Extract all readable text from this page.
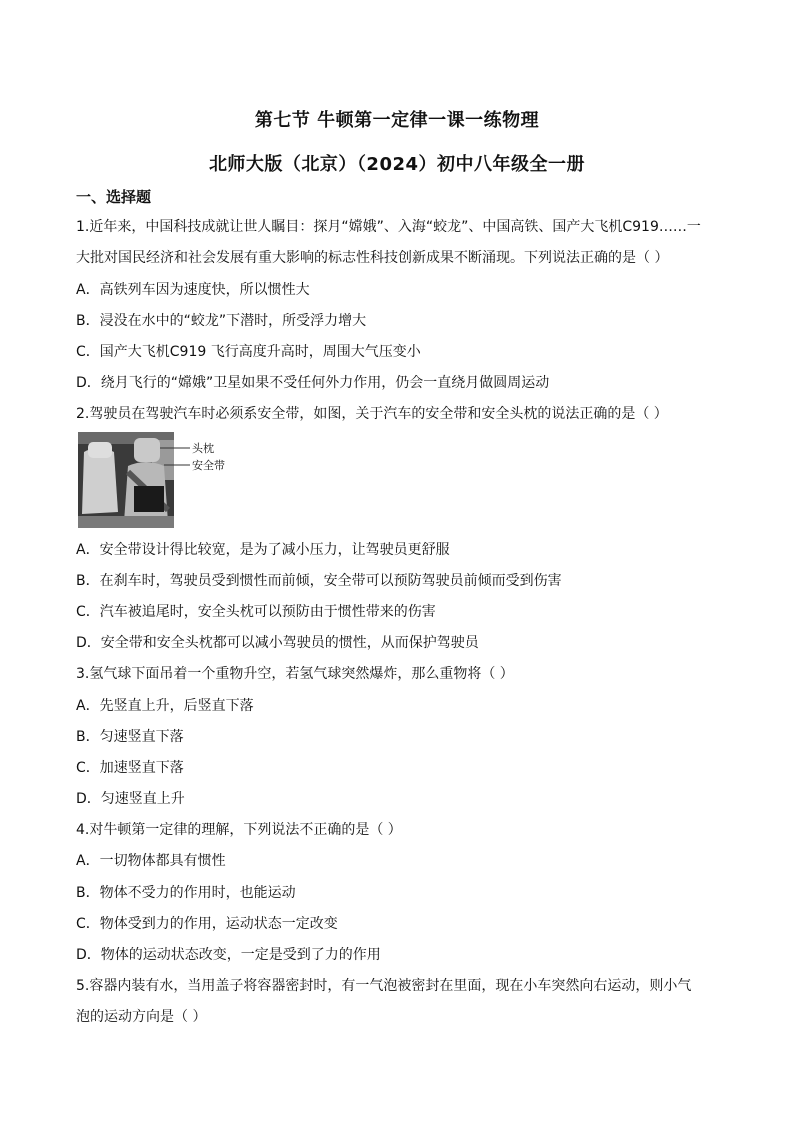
第七节 牛顿第一定律一课一练物理
北师大版（北京）（2024）初中八年级全一册
一、选择题
1.近年来，中国科技成就让世人瞩目：探月“嫦娥”、入海“蛟龙”、中国高铁、国产大飞机C919……一
大批对国民经济和社会发展有重大影响的标志性科技创新成果不断涌现。下列说法正确的是（ ）
A．高铁列车因为速度快，所以惯性大
B．浸没在水中的“蛟龙”下潜时，所受浮力增大
C．国产大飞机C919 飞行高度升高时，周围大气压变小
D．绕月飞行的“嫦娥”卫星如果不受任何外力作用，仍会一直绕月做圆周运动
2.驾驶员在驾驶汽车时必须系安全带，如图，关于汽车的安全带和安全头枕的说法正确的是（ ）
头枕
安全带
A．安全带设计得比较宽，是为了减小压力，让驾驶员更舒服
B．在刹车时，驾驶员受到惯性而前倾，安全带可以预防驾驶员前倾而受到伤害
C．汽车被追尾时，安全头枕可以预防由于惯性带来的伤害
D．安全带和安全头枕都可以减小驾驶员的惯性，从而保护驾驶员
3.氢气球下面吊着一个重物升空，若氢气球突然爆炸，那么重物将（ ）
A．先竖直上升，后竖直下落
B．匀速竖直下落
C．加速竖直下落
D．匀速竖直上升
4.对牛顿第一定律的理解，下列说法不正确的是（ ）
A．一切物体都具有惯性
B．物体不受力的作用时，也能运动
C．物体受到力的作用，运动状态一定改变
D．物体的运动状态改变，一定是受到了力的作用
5.容器内装有水，当用盖子将容器密封时，有一气泡被密封在里面，现在小车突然向右运动，则小气
泡的运动方向是（ ）
